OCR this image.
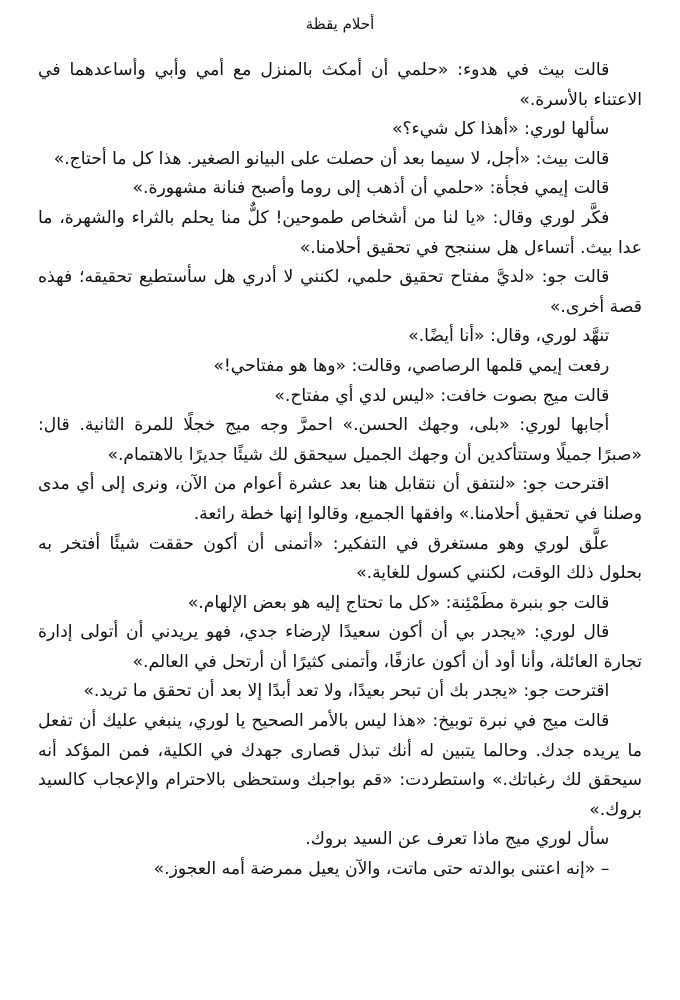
أحلام يقظة

قالت بيث في هدوء: «حلمي أن أمكث بالمنزل مع أمي وأبي وأساعدهما في الاعتناء بالأسرة.»

سألها لوري: «أهذا كل شيء؟»

قالت بيث: «أجل، لا سيما بعد أن حصلت على البيانو الصغير. هذا كل ما أحتاج.»

قالت إيمي فجأة: «حلمي أن أذهب إلى روما وأصبح فنانة مشهورة.»

فكَّر لوري وقال: «يا لنا من أشخاص طموحين! كلٌّ منا يحلم بالثراء والشهرة، ما عدا بيث. أتساءل هل سننجح في تحقيق أحلامنا.»

قالت جو: «لديَّ مفتاح تحقيق حلمي، لكنني لا أدري هل سأستطيع تحقيقه؛ فهذه قصة أخرى.»

تنهَّد لوري، وقال: «أنا أيضًا.»

رفعت إيمي قلمها الرصاصي، وقالت: «وها هو مفتاحي!»

قالت ميج بصوت خافت: «ليس لدي أي مفتاح.»

أجابها لوري: «بلى، وجهك الحسن.» احمرَّ وجه ميج خجلًا للمرة الثانية. قال: «صبرًا جميلًا وستتأكدين أن وجهك الجميل سيحقق لك شيئًا جديرًا بالاهتمام.»

اقترحت جو: «لنتفق أن نتقابل هنا بعد عشرة أعوام من الآن، ونرى إلى أي مدى وصلنا في تحقيق أحلامنا.» وافقها الجميع، وقالوا إنها خطة رائعة.

علَّق لوري وهو مستغرق في التفكير: «أتمنى أن أكون حققت شيئًا أفتخر به بحلول ذلك الوقت، لكنني كسول للغاية.»

قالت جو بنبرة مطَمْئِنة: «كل ما تحتاج إليه هو بعض الإلهام.»

قال لوري: «يجدر بي أن أكون سعيدًا لإرضاء جدي، فهو يريدني أن أتولى إدارة تجارة العائلة، وأنا أود أن أكون عازفًا، وأتمنى كثيرًا أن أرتحل في العالم.»

اقترحت جو: «يجدر بك أن تبحر بعيدًا، ولا تعد أبدًا إلا بعد أن تحقق ما تريد.»

قالت ميج في نبرة توبيخ: «هذا ليس بالأمر الصحيح يا لوري، ينبغي عليك أن تفعل ما يريده جدك. وحالما يتبين له أنك تبذل قصارى جهدك في الكلية، فمن المؤكد أنه سيحقق لك رغباتك.» واستطردت: «قم بواجبك وستحظى بالاحترام والإعجاب كالسيد بروك.»

سأل لوري ميج ماذا تعرف عن السيد بروك.

– «إنه اعتنى بوالدته حتى ماتت، والآن يعيل ممرضة أمه العجوز.»
